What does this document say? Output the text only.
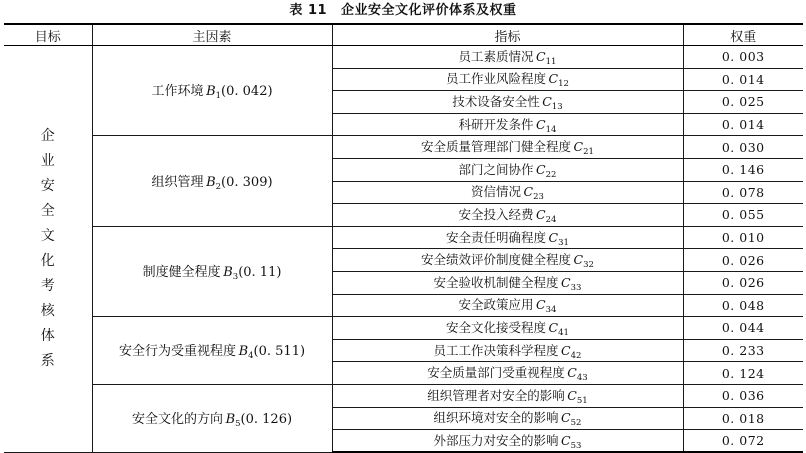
表 11 企业安全文化评价体系及权重
目标	主因素	指标	权重
企业安全文化考核体系	工作环境  $B_1(0$. 042)	员工素质情况  $C_{11}$	0. 003
		员工作业风险程度  $C_{12}$	0. 014
		技术设备安全性  $C_{13}$	0. 025
		科研开发条件  $C_{14}$	0. 014
	组织管理  $B_2(0$. 309)	安全质量管理部门健全程度  $C_{21}$	0. 030
		部门之间协作  $C_{22}$	0. 146
		资信情况  $C_{23}$	0. 078
		安全投入经费  $C_{24}$	0. 055
	制度健全程度  $B_3(0$. 11)	安全责任明确程度  $C_{31}$	0. 010
		安全绩效评价制度健全程度  $C_{32}$	0. 026
		安全验收机制健全程度  $C_{33}$	0. 026
		安全政策应用  $C_{34}$	0. 048
	安全行为受重视程度  $B_4(0$. 511)	安全文化接受程度  $C_{41}$	0. 044
		员工工作决策科学程度  $C_{42}$	0. 233
		安全质量部门受重视程度  $C_{43}$	0. 124
	安全文化的方向  $B_5(0$. 126)	组织管理者对安全的影响  $C_{51}$	0. 036
		组织环境对安全的影响  $C_{52}$	0. 018
		外部压力对安全的影响  $C_{53}$	0. 072
